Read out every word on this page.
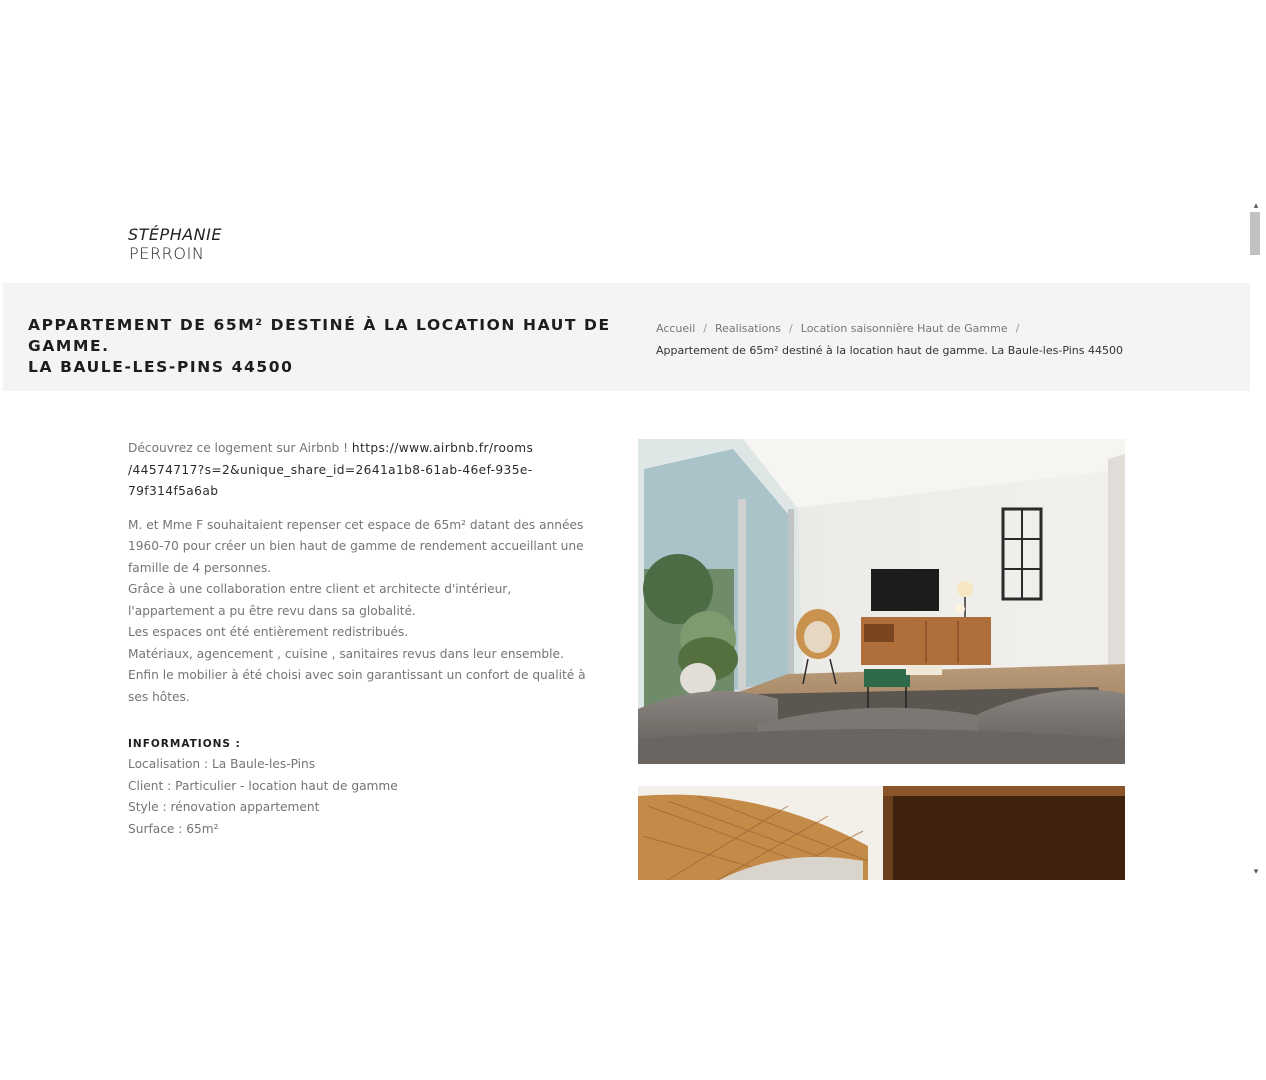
STÉPHANIE
PERROIN
APPARTEMENT DE 65M² DESTINÉ À LA LOCATION HAUT DE GAMME.
LA BAULE-LES-PINS 44500
Accueil / Realisations / Location saisonnière Haut de Gamme /
Appartement de 65m² destiné à la location haut de gamme. La Baule-les-Pins 44500

Découvrez ce logement sur Airbnb ! https://www.airbnb.fr/rooms
/44574717?s=2&unique_share_id=2641a1b8-61ab-46ef-935e-79f314f5a6ab

M. et Mme F souhaitaient repenser cet espace de 65m² datant des années 1960-70 pour créer un bien haut de gamme de rendement accueillant une famille de 4 personnes.
Grâce à une collaboration entre client et architecte d'intérieur, l'appartement a pu être revu dans sa globalité.
Les espaces ont été entièrement redistribués.
Matériaux, agencement , cuisine , sanitaires revus dans leur ensemble.
Enfin le mobilier à été choisi avec soin garantissant un confort de qualité à ses hôtes.
INFORMATIONS :
Localisation : La Baule-les-Pins
Client : Particulier - location haut de gamme
Style : rénovation appartement
Surface : 65m²
▴
▾
